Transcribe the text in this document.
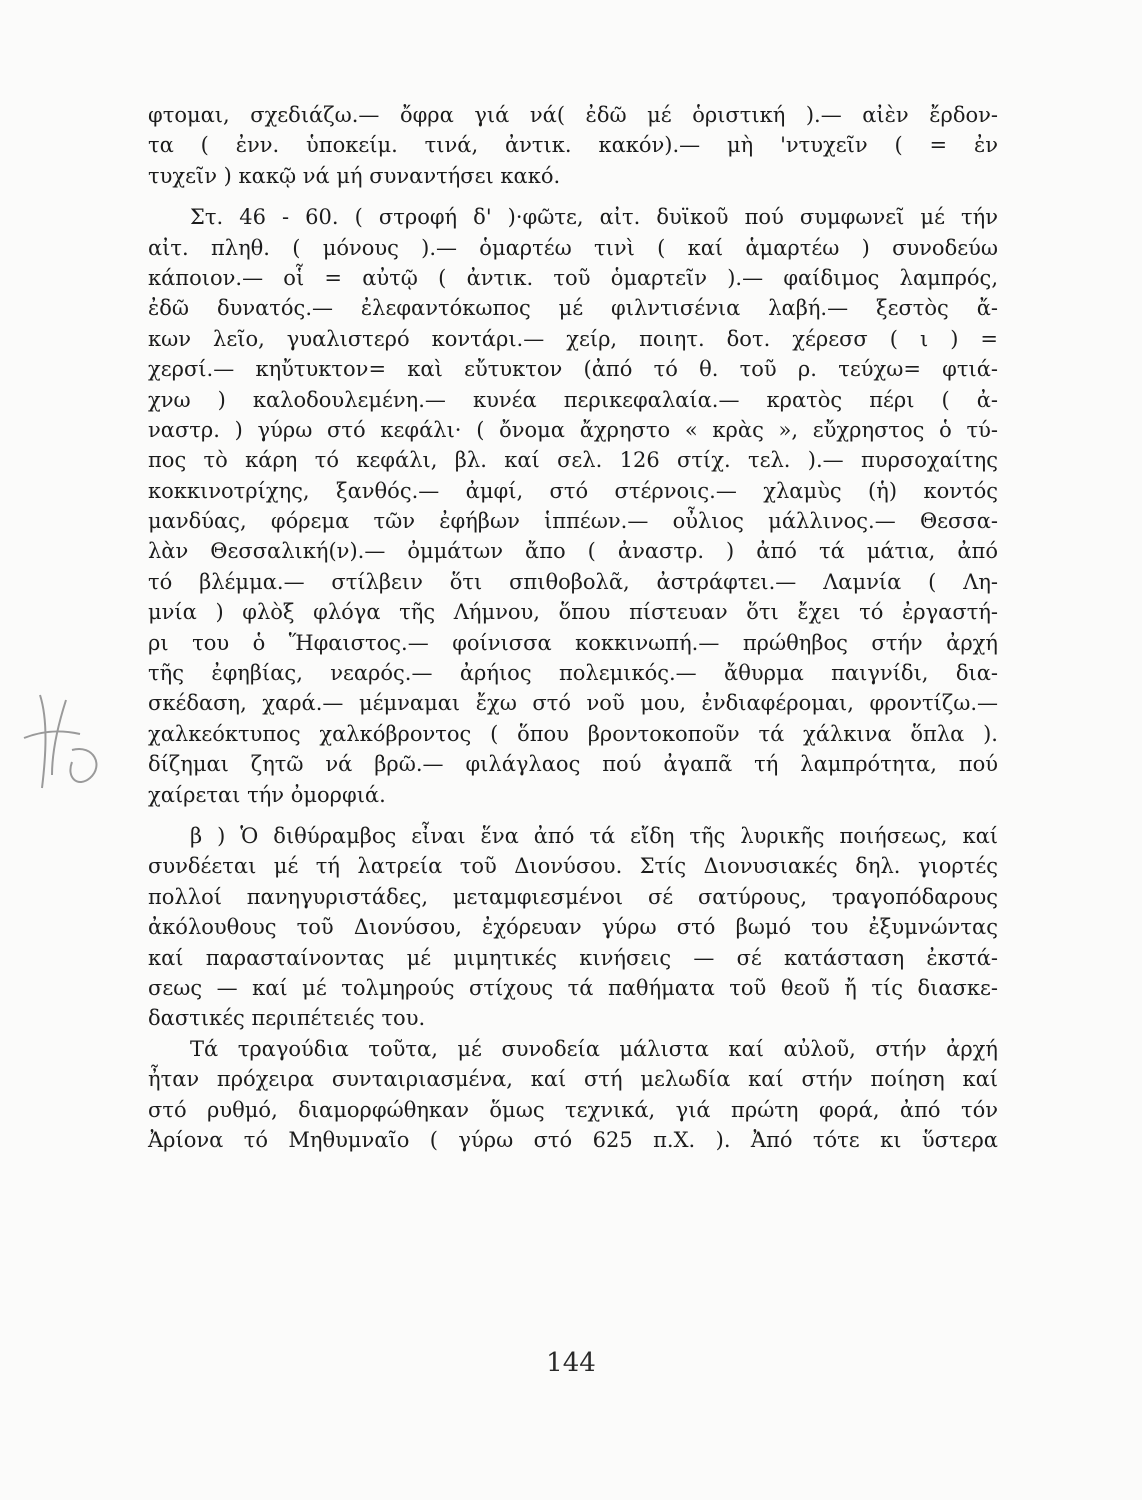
φτομαι, σχεδιάζω.— ὄφρα γιά νά( ἐδῶ μέ ὁριστική ).— αἰὲν ἔρδον-
τα ( ἐνν. ὑποκείμ. τινά, ἀντικ. κακόν).— μὴ 'ντυχεῖν ( = ἐν
τυχεῖν ) κακῷ νά μή συναντήσει κακό.
Στ. 46 - 60. ( στροφή δ' )·φῶτε, αἰτ. δυϊκοῦ πού συμφωνεῖ μέ τήν
αἰτ. πληθ. ( μόνους ).— ὁμαρτέω τινὶ ( καί ἁμαρτέω ) συνοδεύω
κάποιον.— οἷ = αὐτῷ ( ἀντικ. τοῦ ὁμαρτεῖν ).— φαίδιμος λαμπρός,
ἐδῶ δυνατός.— ἐλεφαντόκωπος μέ φιλντισένια λαβή.— ξεστὸς ἄ-
κων λεῖο, γυαλιστερό κοντάρι.— χείρ, ποιητ. δοτ. χέρεσσ ( ι ) =
χερσί.— κηὔτυκτον= καὶ εὔτυκτον (ἀπό τό θ. τοῦ ρ. τεύχω= φτιά-
χνω ) καλοδουλεμένη.— κυνέα περικεφαλαία.— κρατὸς πέρι ( ἀ-
ναστρ. ) γύρω στό κεφάλι· ( ὄνομα ἄχρηστο « κρὰς », εὔχρηστος ὁ τύ-
πος τὸ κάρη τό κεφάλι, βλ. καί σελ. 126 στίχ. τελ. ).— πυρσοχαίτης
κοκκινοτρίχης, ξανθός.— ἀμφί, στό στέρνοις.— χλαμὺς (ἡ) κοντός
μανδύας, φόρεμα τῶν ἐφήβων ἱππέων.— οὖλιος μάλλινος.— Θεσσα-
λὰν Θεσσαλική(ν).— ὀμμάτων ἄπο ( ἀναστρ. ) ἀπό τά μάτια, ἀπό
τό βλέμμα.— στίλβειν ὅτι σπιθοβολᾶ, ἀστράφτει.— Λαμνία ( Λη-
μνία ) φλὸξ φλόγα τῆς Λήμνου, ὅπου πίστευαν ὅτι ἔχει τό ἐργαστή-
ρι του ὁ Ἥφαιστος.— φοίνισσα κοκκινωπή.— πρώθηβος στήν ἀρχή
τῆς ἐφηβίας, νεαρός.— ἀρήιος πολεμικός.— ἄθυρμα παιγνίδι, δια-
σκέδαση, χαρά.— μέμναμαι ἔχω στό νοῦ μου, ἐνδιαφέρομαι, φροντίζω.—
χαλκεόκτυπος χαλκόβροντος ( ὅπου βροντοκοποῦν τά χάλκινα ὅπλα ).
δίζημαι ζητῶ νά βρῶ.— φιλάγλαος πού ἀγαπᾶ τή λαμπρότητα, πού
χαίρεται τήν ὀμορφιά.
β ) Ὁ διθύραμβος εἶναι ἕνα ἀπό τά εἴδη τῆς λυρικῆς ποιήσεως, καί
συνδέεται μέ τή λατρεία τοῦ Διονύσου. Στίς Διονυσιακές δηλ. γιορτές
πολλοί πανηγυριστάδες, μεταμφιεσμένοι σέ σατύρους, τραγοπόδαρους
ἀκόλουθους τοῦ Διονύσου, ἐχόρευαν γύρω στό βωμό του ἐξυμνώντας
καί παρασταίνοντας μέ μιμητικές κινήσεις — σέ κατάσταση ἐκστά-
σεως — καί μέ τολμηρούς στίχους τά παθήματα τοῦ θεοῦ ἤ τίς διασκε-
δαστικές περιπέτειές του.
Τά τραγούδια τοῦτα, μέ συνοδεία μάλιστα καί αὐλοῦ, στήν ἀρχή
ἦταν πρόχειρα συνταιριασμένα, καί στή μελωδία καί στήν ποίηση καί
στό ρυθμό, διαμορφώθηκαν ὅμως τεχνικά, γιά πρώτη φορά, ἀπό τόν
Ἀρίονα τό Μηθυμναῖο ( γύρω στό 625 π.Χ. ). Ἀπό τότε κι ὕστερα
144
